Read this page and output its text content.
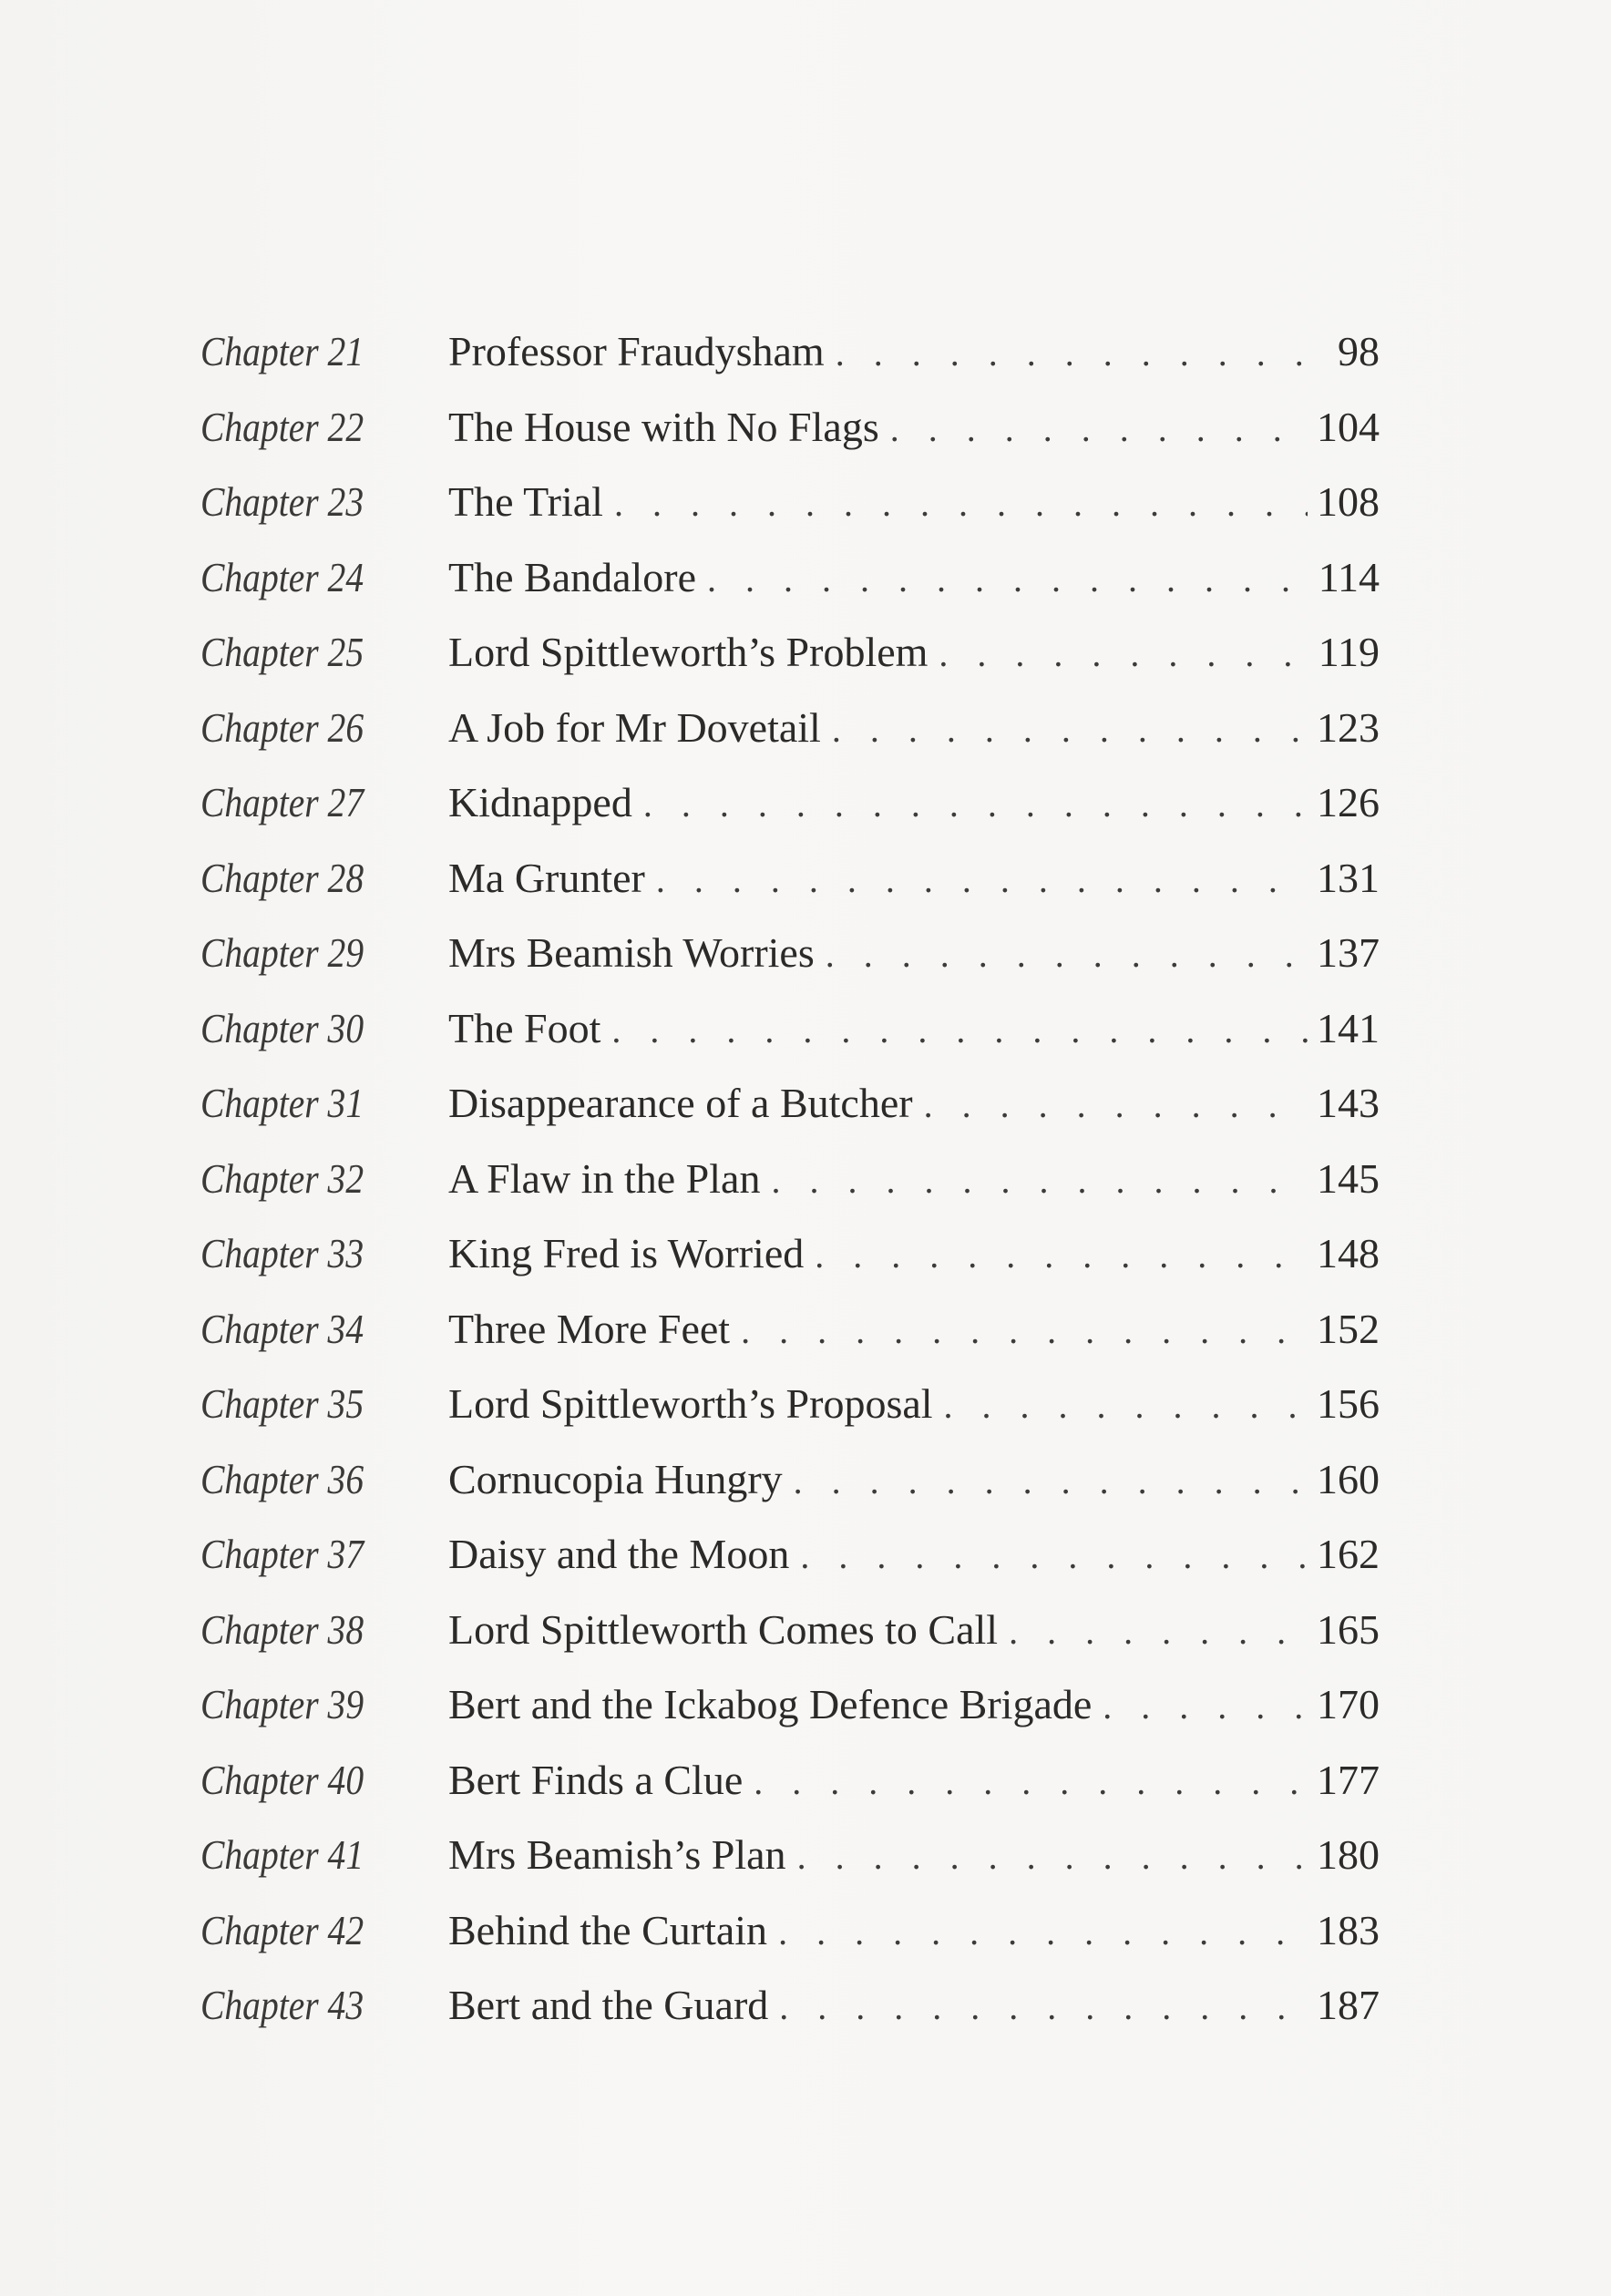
Chapter 21 Professor Fraudysham . . .	98
Chapter 22 The House with No Flags . . .	104
Chapter 23 The Trial . . .	108
Chapter 24 The Bandalore . . .	114
Chapter 25 Lord Spittleworth’s Problem . . .	119
Chapter 26 A Job for Mr Dovetail . . .	123
Chapter 27 Kidnapped . . .	126
Chapter 28 Ma Grunter . . .	131
Chapter 29 Mrs Beamish Worries . . .	137
Chapter 30 The Foot . . .	141
Chapter 31 Disappearance of a Butcher . . .	143
Chapter 32 A Flaw in the Plan . . .	145
Chapter 33 King Fred is Worried . . .	148
Chapter 34 Three More Feet . . .	152
Chapter 35 Lord Spittleworth’s Proposal . . .	156
Chapter 36 Cornucopia Hungry . . .	160
Chapter 37 Daisy and the Moon . . .	162
Chapter 38 Lord Spittleworth Comes to Call . . .	165
Chapter 39 Bert and the Ickabog Defence Brigade . . .	170
Chapter 40 Bert Finds a Clue . . .	177
Chapter 41 Mrs Beamish’s Plan . . .	180
Chapter 42 Behind the Curtain . . .	183
Chapter 43 Bert and the Guard . . .	187
